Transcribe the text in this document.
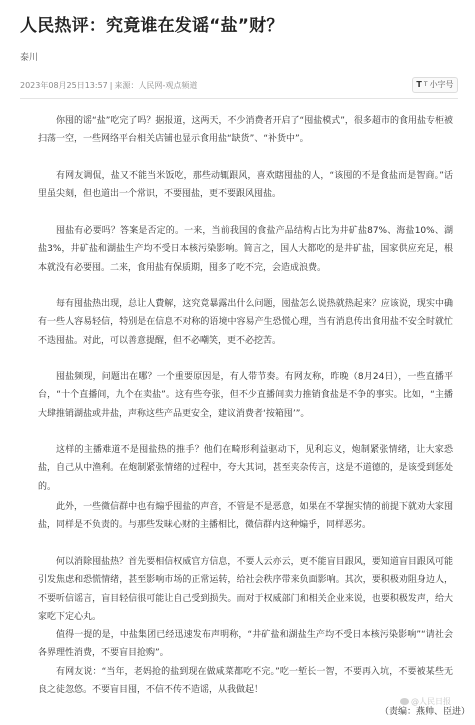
人民热评：究竟谁在发谣“盐”财？
泰川
2023年08月25日13:57 | 来源：人民网-观点频道	T T 小字号

你囤的谣“盐”吃完了吗？据报道，这两天，不少消费者开启了“囤盐模式”，很多超市的食用盐专柜被扫荡一空，一些网络平台相关店铺也显示食用盐“缺货”、“补货中”。

有网友调侃，盐又不能当米饭吃，那些动辄跟风，喜欢瞎囤盐的人，“该囤的不是食盐而是智商。”话里虽尖刻，但也道出一个常识，不要囤盐，更不要跟风囤盐。

囤盐有必要吗？答案是否定的。一来，当前我国的食盐产品结构占比为井矿盐87%、海盐10%、湖盐3%，井矿盐和湖盐生产均不受日本核污染影响。简言之，国人大都吃的是井矿盐，国家供应充足，根本就没有必要囤。二来，食用盐有保质期，囤多了吃不完，会造成浪费。

每有囤盐热出现，总让人費解，这究竟暴露出什么问题，囤盐怎么说热就热起来？应该说，现实中确有一些人容易轻信，特别是在信息不对称的语境中容易产生恐慌心理，当有消息传出食用盐不安全时就忙不迭囤盐。对此，可以善意提醒，但不必嘲笑，更不必挖苦。

囤盐频现，问题出在哪？一个重要原因是，有人带节奏。有网友称，昨晚（8月24日），一些直播平台，“十个直播间，九个在卖盐”。这有些夸张，但不少直播间卖力推销食盐是不争的事实。比如，“主播大肆推销湖盐或井盐，声称这些产品更安全，建议消费者‘按箱囤’”。

这样的主播难道不是囤盐热的推手？他们在畸形利益驱动下，见利忘义，炮制紧张情绪，让大家恐盐，自己从中渔利。在炮制紧张情绪的过程中，夸大其词，甚至夹杂传言，这是不道德的，是该受到惩处的。

此外，一些微信群中也有煽乎囤盐的声音，不管是不是恶意，如果在不掌握实情的前提下就劝大家囤盐，同样是不负责的。与那些发昧心财的主播相比，微信群内这种煽乎，同样恶劣。

何以消除囤盐热？首先要相信权威官方信息，不要人云亦云，更不能盲目跟风，要知道盲目跟风可能引发焦虑和恐慌情绪，甚至影响市场的正常运转，给社会秩序带来负面影响。其次，要积极劝阻身边人，不要听信谣言，盲目轻信很可能让自己受到损失。而对于权威部门和相关企业来说，也要积极发声，给大家吃下定心丸。

值得一提的是，中盐集团已经迅速发布声明称，“井矿盐和湖盐生产均不受日本核污染影响”“请社会各界理性消费，不要盲目抢购”。

有网友说：“当年，老妈抢的盐到现在做咸菜都吃不完。”吃一堑长一智，不要再入坑，不要被某些无良之徒忽悠。不要盲目囤，不信不传不造谣，从我做起！

@人民日报
（责编：燕帅、臣进）
